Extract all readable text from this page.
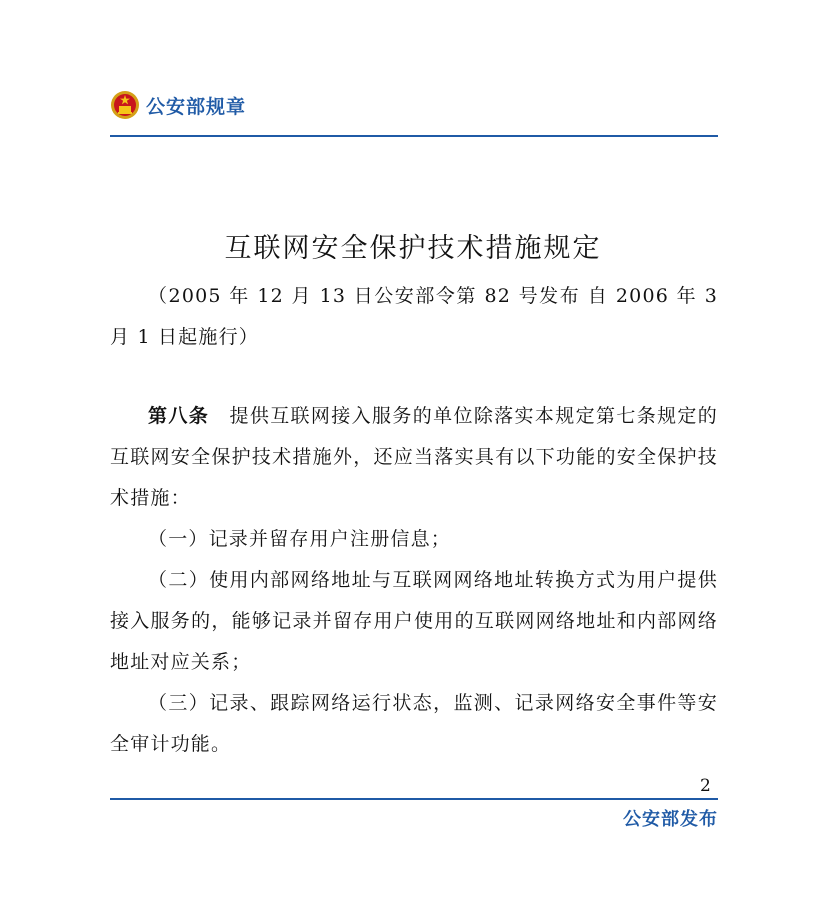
公安部规章
互联网安全保护技术措施规定

（2005 年 12 月 13 日公安部令第 82 号发布 自 2006 年 3 月 1 日起施行）

第八条　 提供互联网接入服务的单位除落实本规定第七条规定的互联网安全保护技术措施外，还应当落实具有以下功能的安全保护技术措施：

（一）记录并留存用户注册信息；

（二）使用内部网络地址与互联网网络地址转换方式为用户提供接入服务的，能够记录并留存用户使用的互联网网络地址和内部网络地址对应关系；

（三）记录、跟踪网络运行状态，监测、记录网络安全事件等安全审计功能。

2
公安部发布
